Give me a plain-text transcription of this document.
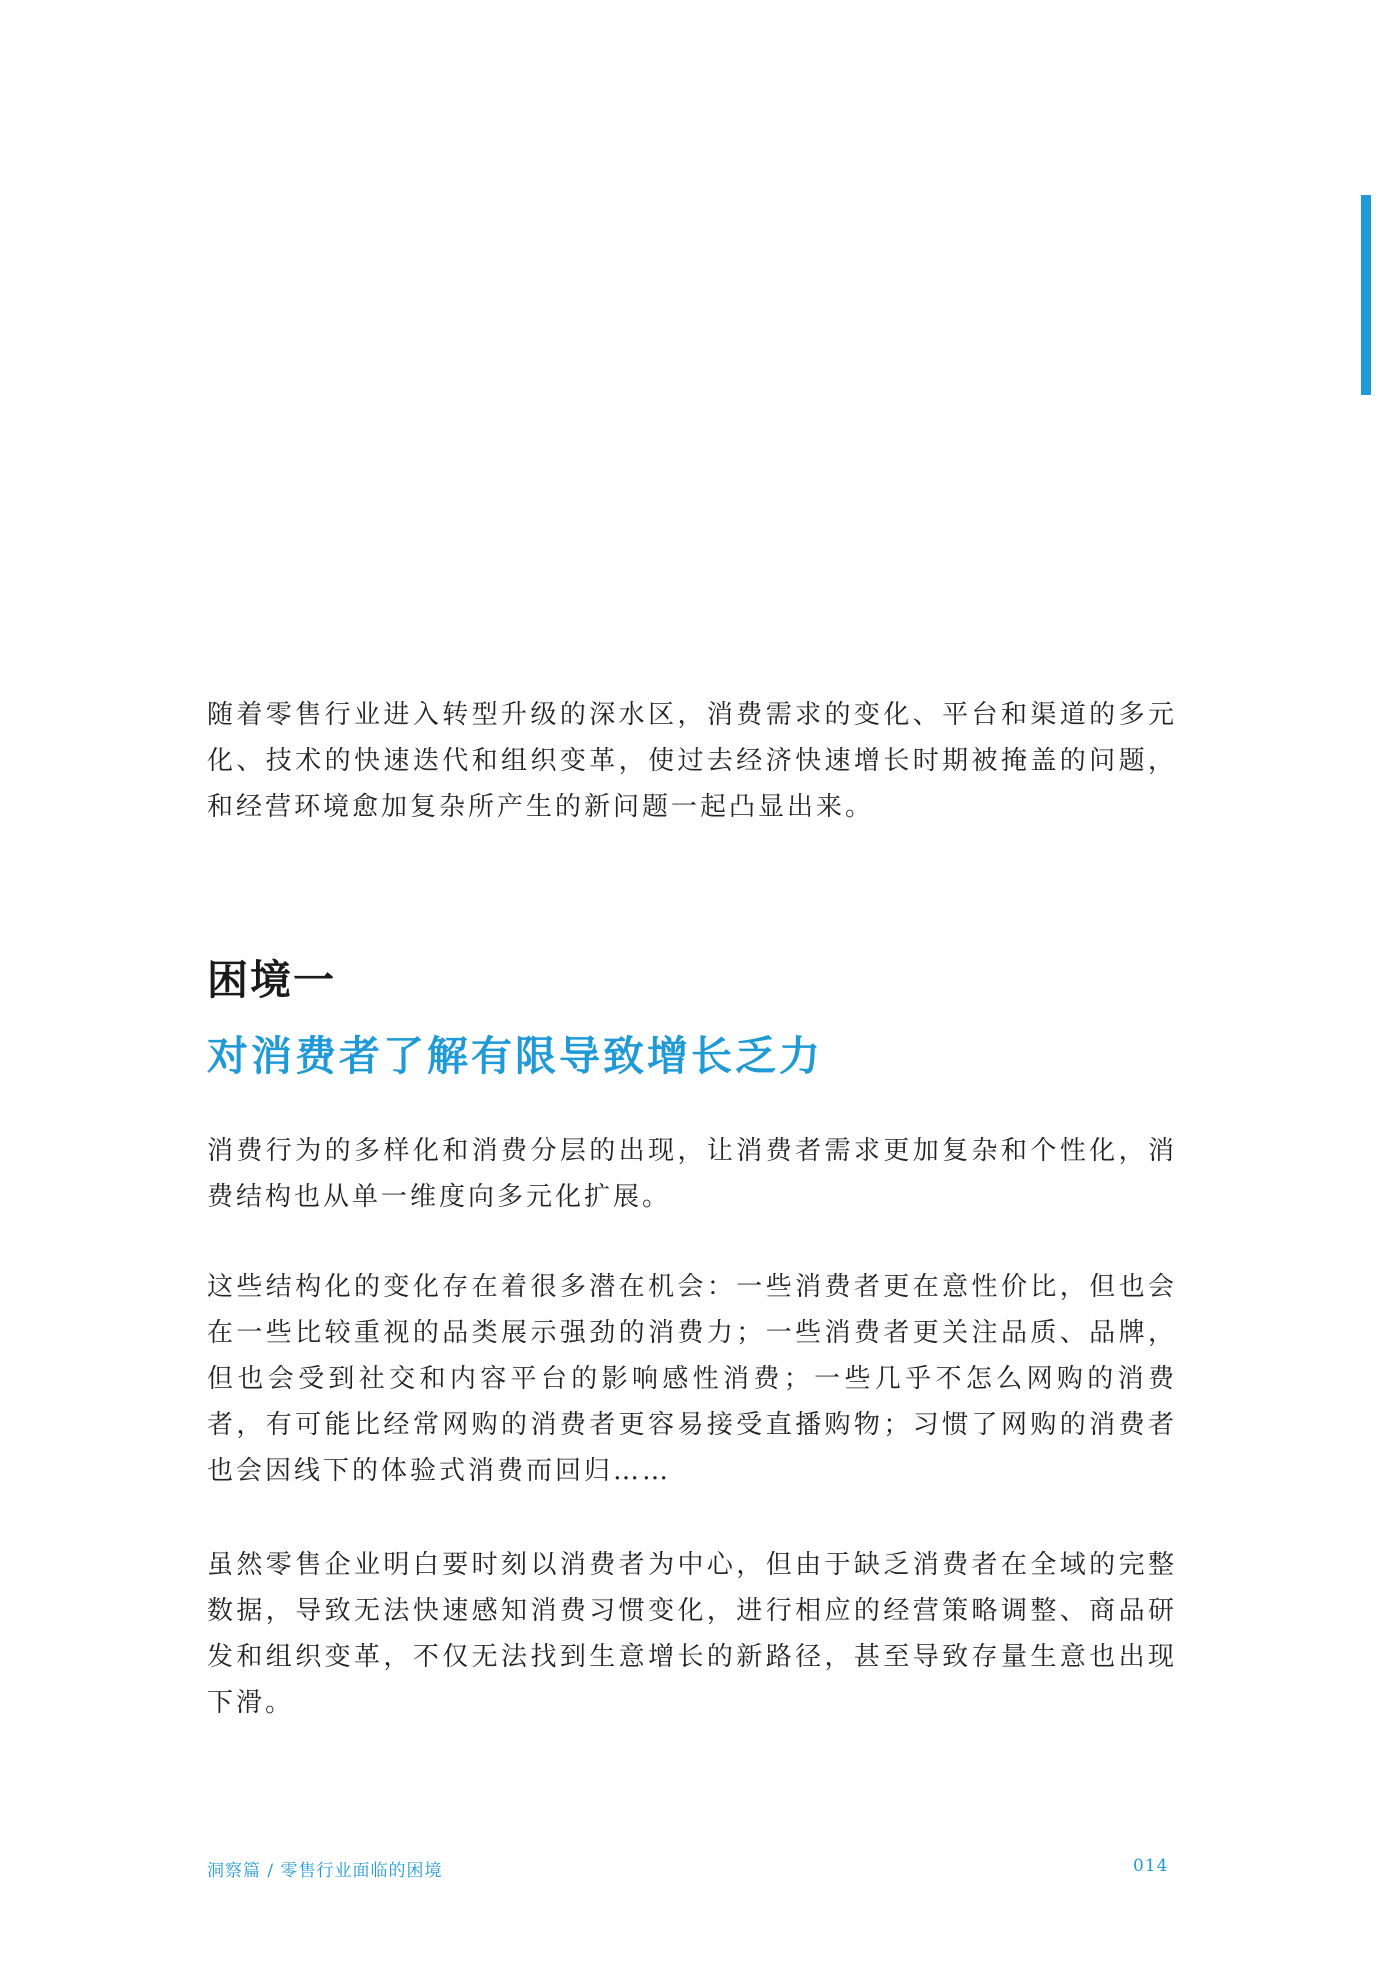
随着零售行业进入转型升级的深水区，消费需求的变化、平台和渠道的多元化、技术的快速迭代和组织变革，使过去经济快速增长时期被掩盖的问题，和经营环境愈加复杂所产生的新问题一起凸显出来。

困境一
对消费者了解有限导致增长乏力

消费行为的多样化和消费分层的出现，让消费者需求更加复杂和个性化，消费结构也从单一维度向多元化扩展。

这些结构化的变化存在着很多潜在机会：一些消费者更在意性价比，但也会在一些比较重视的品类展示强劲的消费力；一些消费者更关注品质、品牌，但也会受到社交和内容平台的影响感性消费；一些几乎不怎么网购的消费者，有可能比经常网购的消费者更容易接受直播购物；习惯了网购的消费者也会因线下的体验式消费而回归……

虽然零售企业明白要时刻以消费者为中心，但由于缺乏消费者在全域的完整数据，导致无法快速感知消费习惯变化，进行相应的经营策略调整、商品研发和组织变革，不仅无法找到生意增长的新路径，甚至导致存量生意也出现下滑。

洞察篇 / 零售行业面临的困境	014
